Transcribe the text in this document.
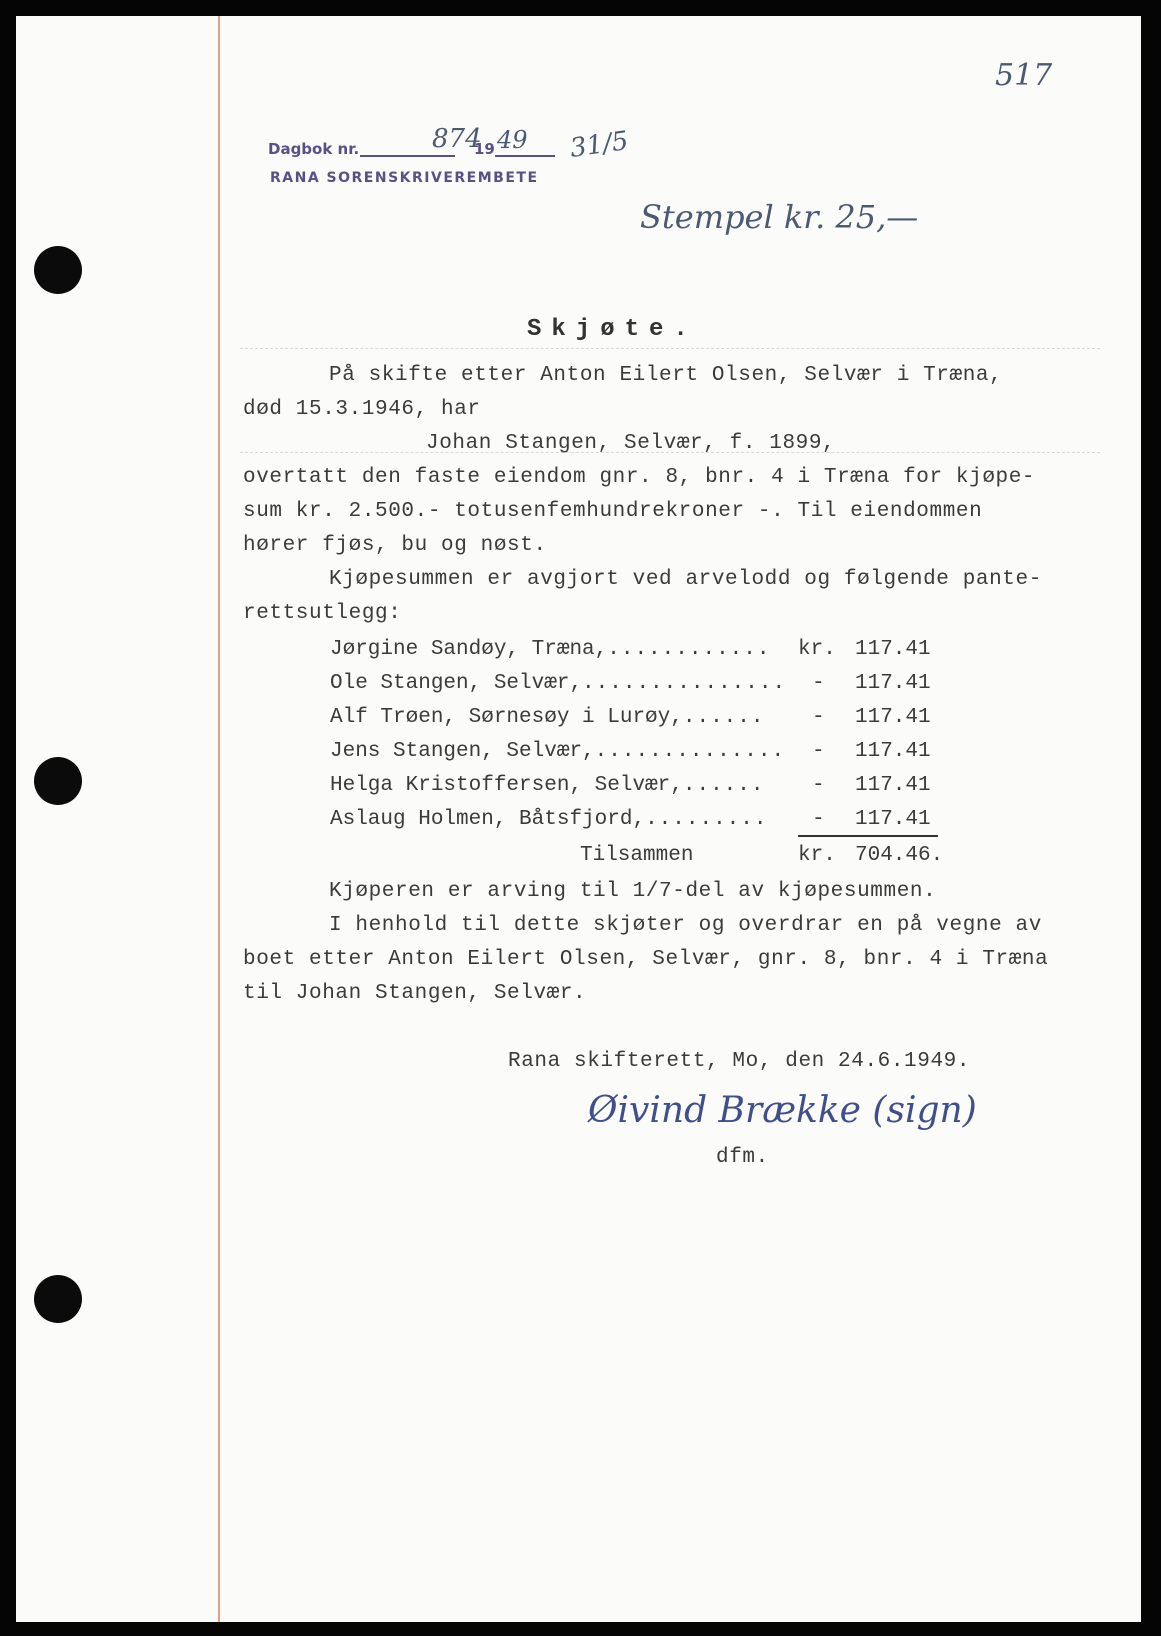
517
Dagbok nr.	874
19 49 31/5
RANA SORENSKRIVEREMBETE
Stempel kr. 25,—
Skjøte.
På skifte etter Anton Eilert Olsen, Selvær i Træna,
død 15.3.1946, har
Johan Stangen, Selvær, f. 1899,
overtatt den faste eiendom gnr. 8, bnr. 4 i Træna for kjøpe-
sum kr. 2.500.- totusenfemhundrekroner -. Til eiendommen
hører fjøs, bu og nøst.
Kjøpesummen er avgjort ved arvelodd og følgende pante-
rettsutlegg:
Jørgine Sandøy, Træna,............ kr. 117.41
Ole Stangen, Selvær,............... - 117.41
Alf Trøen, Sørnesøy i Lurøy,...... - 117.41
Jens Stangen, Selvær,.............. - 117.41
Helga Kristoffersen, Selvær,...... - 117.41
Aslaug Holmen, Båtsfjord,......... - 117.41
Tilsammen	kr. 704.46.
Kjøperen er arving til 1/7-del av kjøpesummen.
I henhold til dette skjøter og overdrar en på vegne av
boet etter Anton Eilert Olsen, Selvær, gnr. 8, bnr. 4 i Træna
til Johan Stangen, Selvær.
Rana skifterett, Mo, den 24.6.1949.
Øivind Brække (sign)
dfm.
